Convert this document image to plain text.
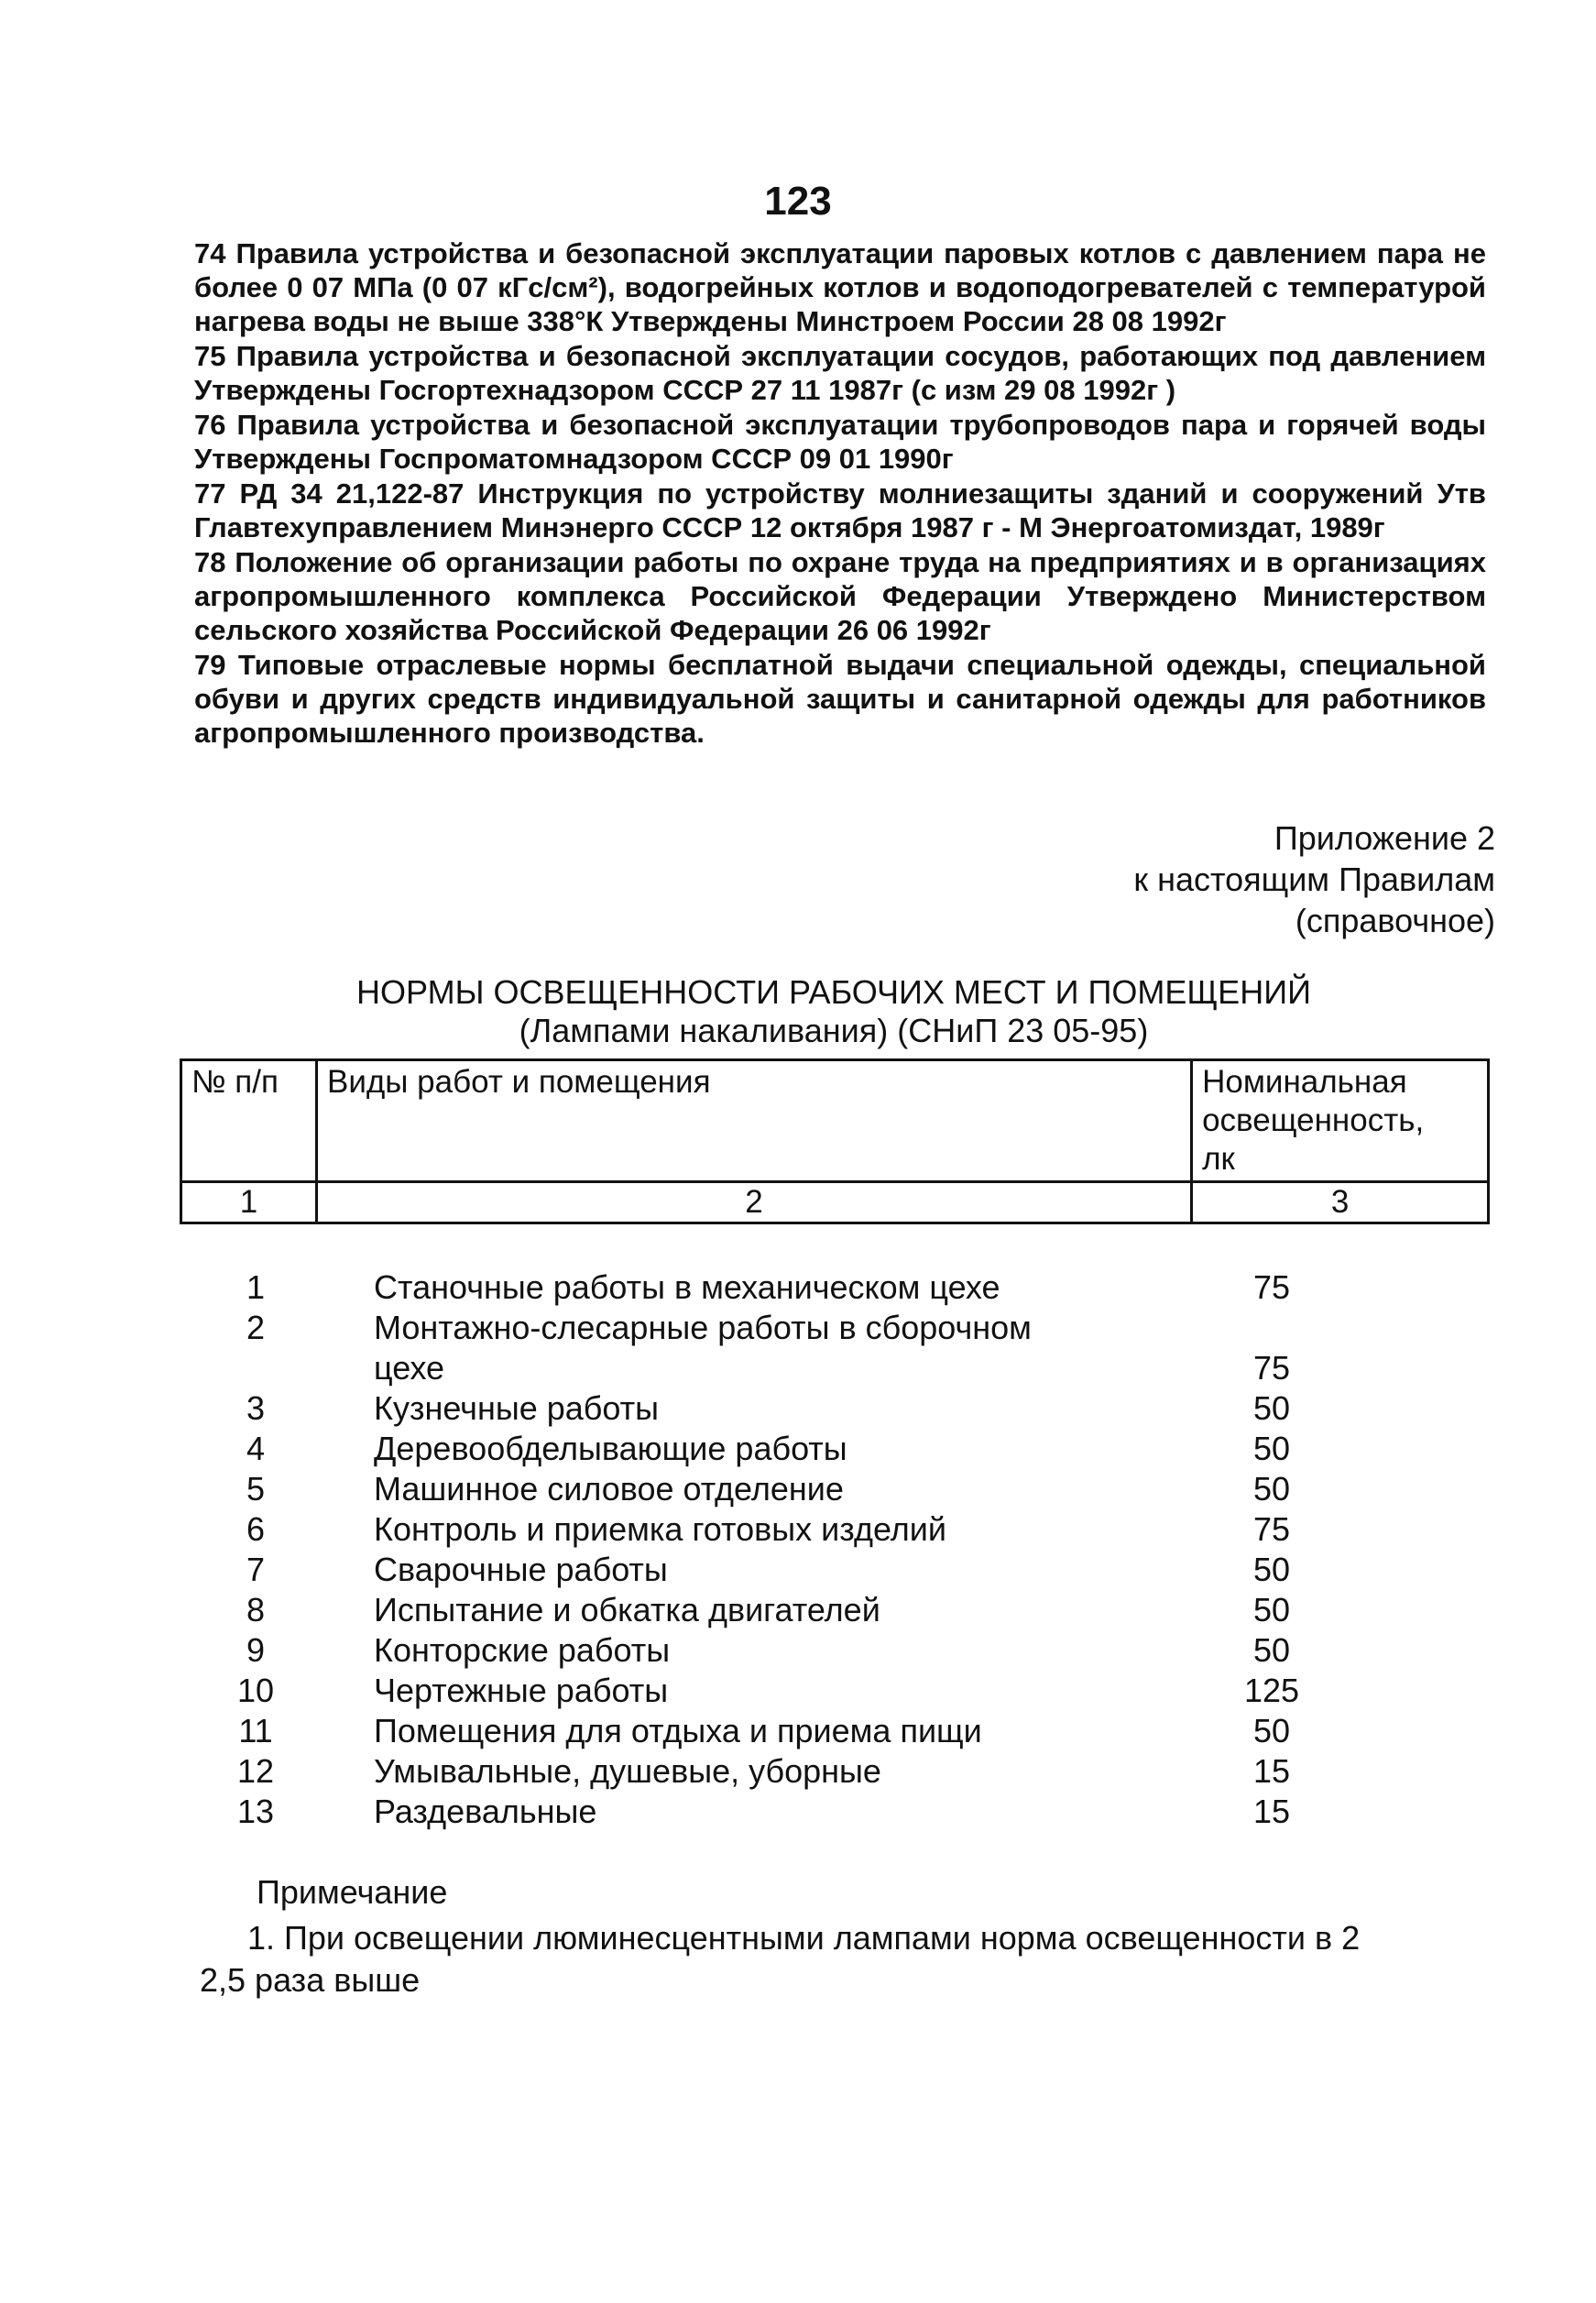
123
74 Правила устройства и безопасной эксплуатации паровых котлов с давлением пара не более 0 07 МПа (0 07 кГс/см²), водогрейных котлов и водоподогревателей с температурой нагрева воды не выше 338°К Утверждены Минстроем России 28 08 1992г
75 Правила устройства и безопасной эксплуатации сосудов, работающих под давлением Утверждены Госгортехнадзором СССР 27 11 1987г (с изм 29 08 1992г )
76 Правила устройства и безопасной эксплуатации трубопроводов пара и горячей воды Утверждены Госпроматомнадзором СССР 09 01 1990г
77 РД 34 21,122-87 Инструкция по устройству молниезащиты зданий и сооружений Утв Главтехуправлением Минэнерго СССР 12 октября 1987 г - М Энергоатомиздат, 1989г
78 Положение об организации работы по охране труда на предприятиях и в организациях агропромышленного комплекса Российской Федерации Утверждено Министерством сельского хозяйства Российской Федерации 26 06 1992г
79 Типовые отраслевые нормы бесплатной выдачи специальной одежды, специальной обуви и других средств индивидуальной защиты и санитарной одежды для работников агропромышленного производства.
Приложение 2
к настоящим Правилам
(справочное)
НОРМЫ ОСВЕЩЕННОСТИ РАБОЧИХ МЕСТ И ПОМЕЩЕНИЙ
(Лампами накаливания) (СНиП 23 05-95)
№ п/п	Виды работ и помещения	Номинальная
освещенность,
лк

1	2	3
1	Станочные работы в механическом цехе	75
2	Монтажно-слесарные работы в сборочном
цехе	75
3	Кузнечные работы	50
4	Деревообделывающие работы	50
5	Машинное силовое отделение	50
6	Контроль и приемка готовых изделий	75
7	Сварочные работы	50
8	Испытание и обкатка двигателей	50
9	Конторские работы	50
10	Чертежные работы	125
11	Помещения для отдыха и приема пищи	50
12	Умывальные, душевые, уборные	15
13	Раздевальные	15
Примечание
1. При освещении люминесцентными лампами норма освещенности в 2
2,5 раза выше
